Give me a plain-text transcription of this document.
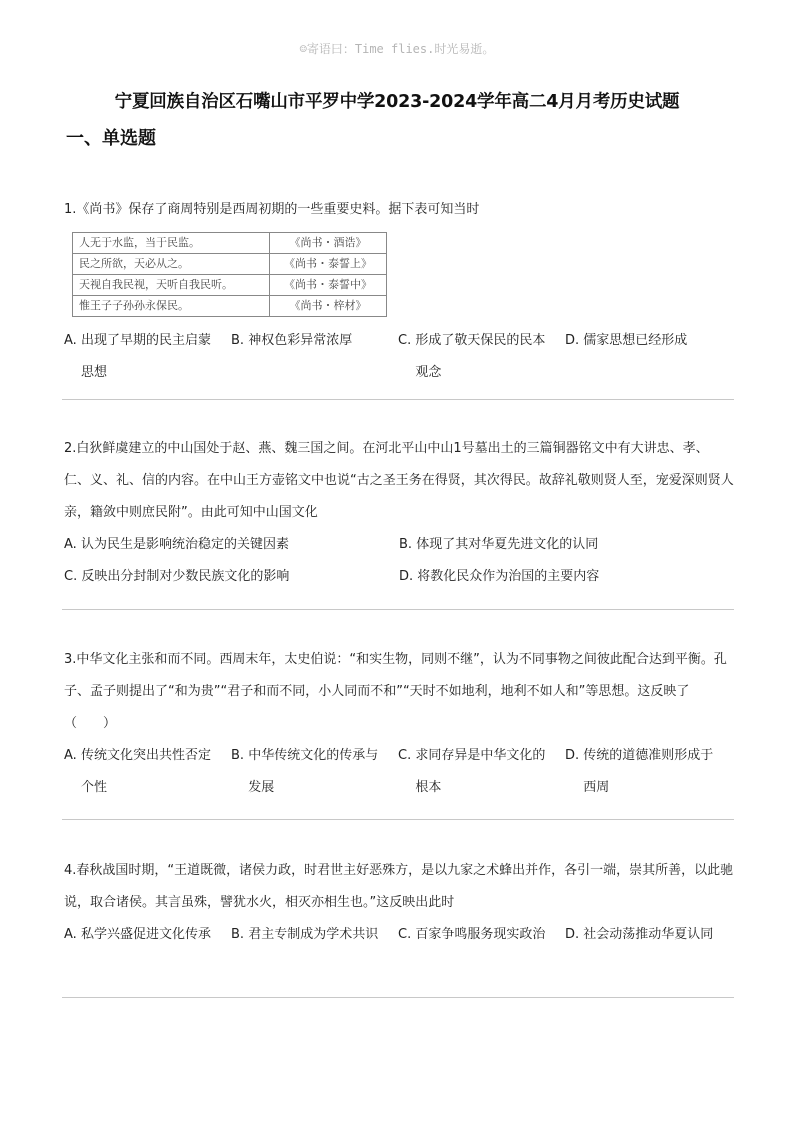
☺寄语曰：Time flies.时光易逝。
宁夏回族自治区石嘴山市平罗中学2023-2024学年高二4月月考历史试题
一、单选题

1.《尚书》保存了商周特别是西周初期的一些重要史料。据下表可知当时

人无于水监，当于民监。	《尚书・酒诰》
民之所欲，天必从之。	《尚书・泰誓上》
天视自我民视，天听自我民听。	《尚书・泰誓中》
惟王子子孙孙永保民。	《尚书・梓材》
A. 出现了早期的民主启蒙思想
B. 神权色彩异常浓厚	C. 形成了敬天保民的民本观念
D. 儒家思想已经形成

2.白狄鲜虞建立的中山国处于赵、燕、魏三国之间。在河北平山中山1号墓出土的三篇铜器铭文中有大讲忠、孝、仁、义、礼、信的内容。在中山王方壶铭文中也说“古之圣王务在得贤，其次得民。故辞礼敬则贤人至，宠爱深则贤人亲，籍敛中则庶民附”。由此可知中山国文化

A. 认为民生是影响统治稳定的关键因素	B. 体现了其对华夏先进文化的认同
C. 反映出分封制对少数民族文化的影响	D. 将教化民众作为治国的主要内容

3.中华文化主张和而不同。西周末年，太史伯说：“和实生物，同则不继”，认为不同事物之间彼此配合达到平衡。孔子、孟子则提出了“和为贵”“君子和而不同，小人同而不和”“天时不如地利，地利不如人和”等思想。这反映了（　　）

A. 传统文化突出共性否定个性
B. 中华传统文化的传承与发展
C. 求同存异是中华文化的根本
D. 传统的道德准则形成于西周

4.春秋战国时期，“王道既微，诸侯力政，时君世主好恶殊方，是以九家之术蜂出并作，各引一端，崇其所善，以此驰说，取合诸侯。其言虽殊，譬犹水火，相灭亦相生也。”这反映出此时

A. 私学兴盛促进文化传承	B. 君主专制成为学术共识	C. 百家争鸣服务现实政治	D. 社会动荡推动华夏认同
